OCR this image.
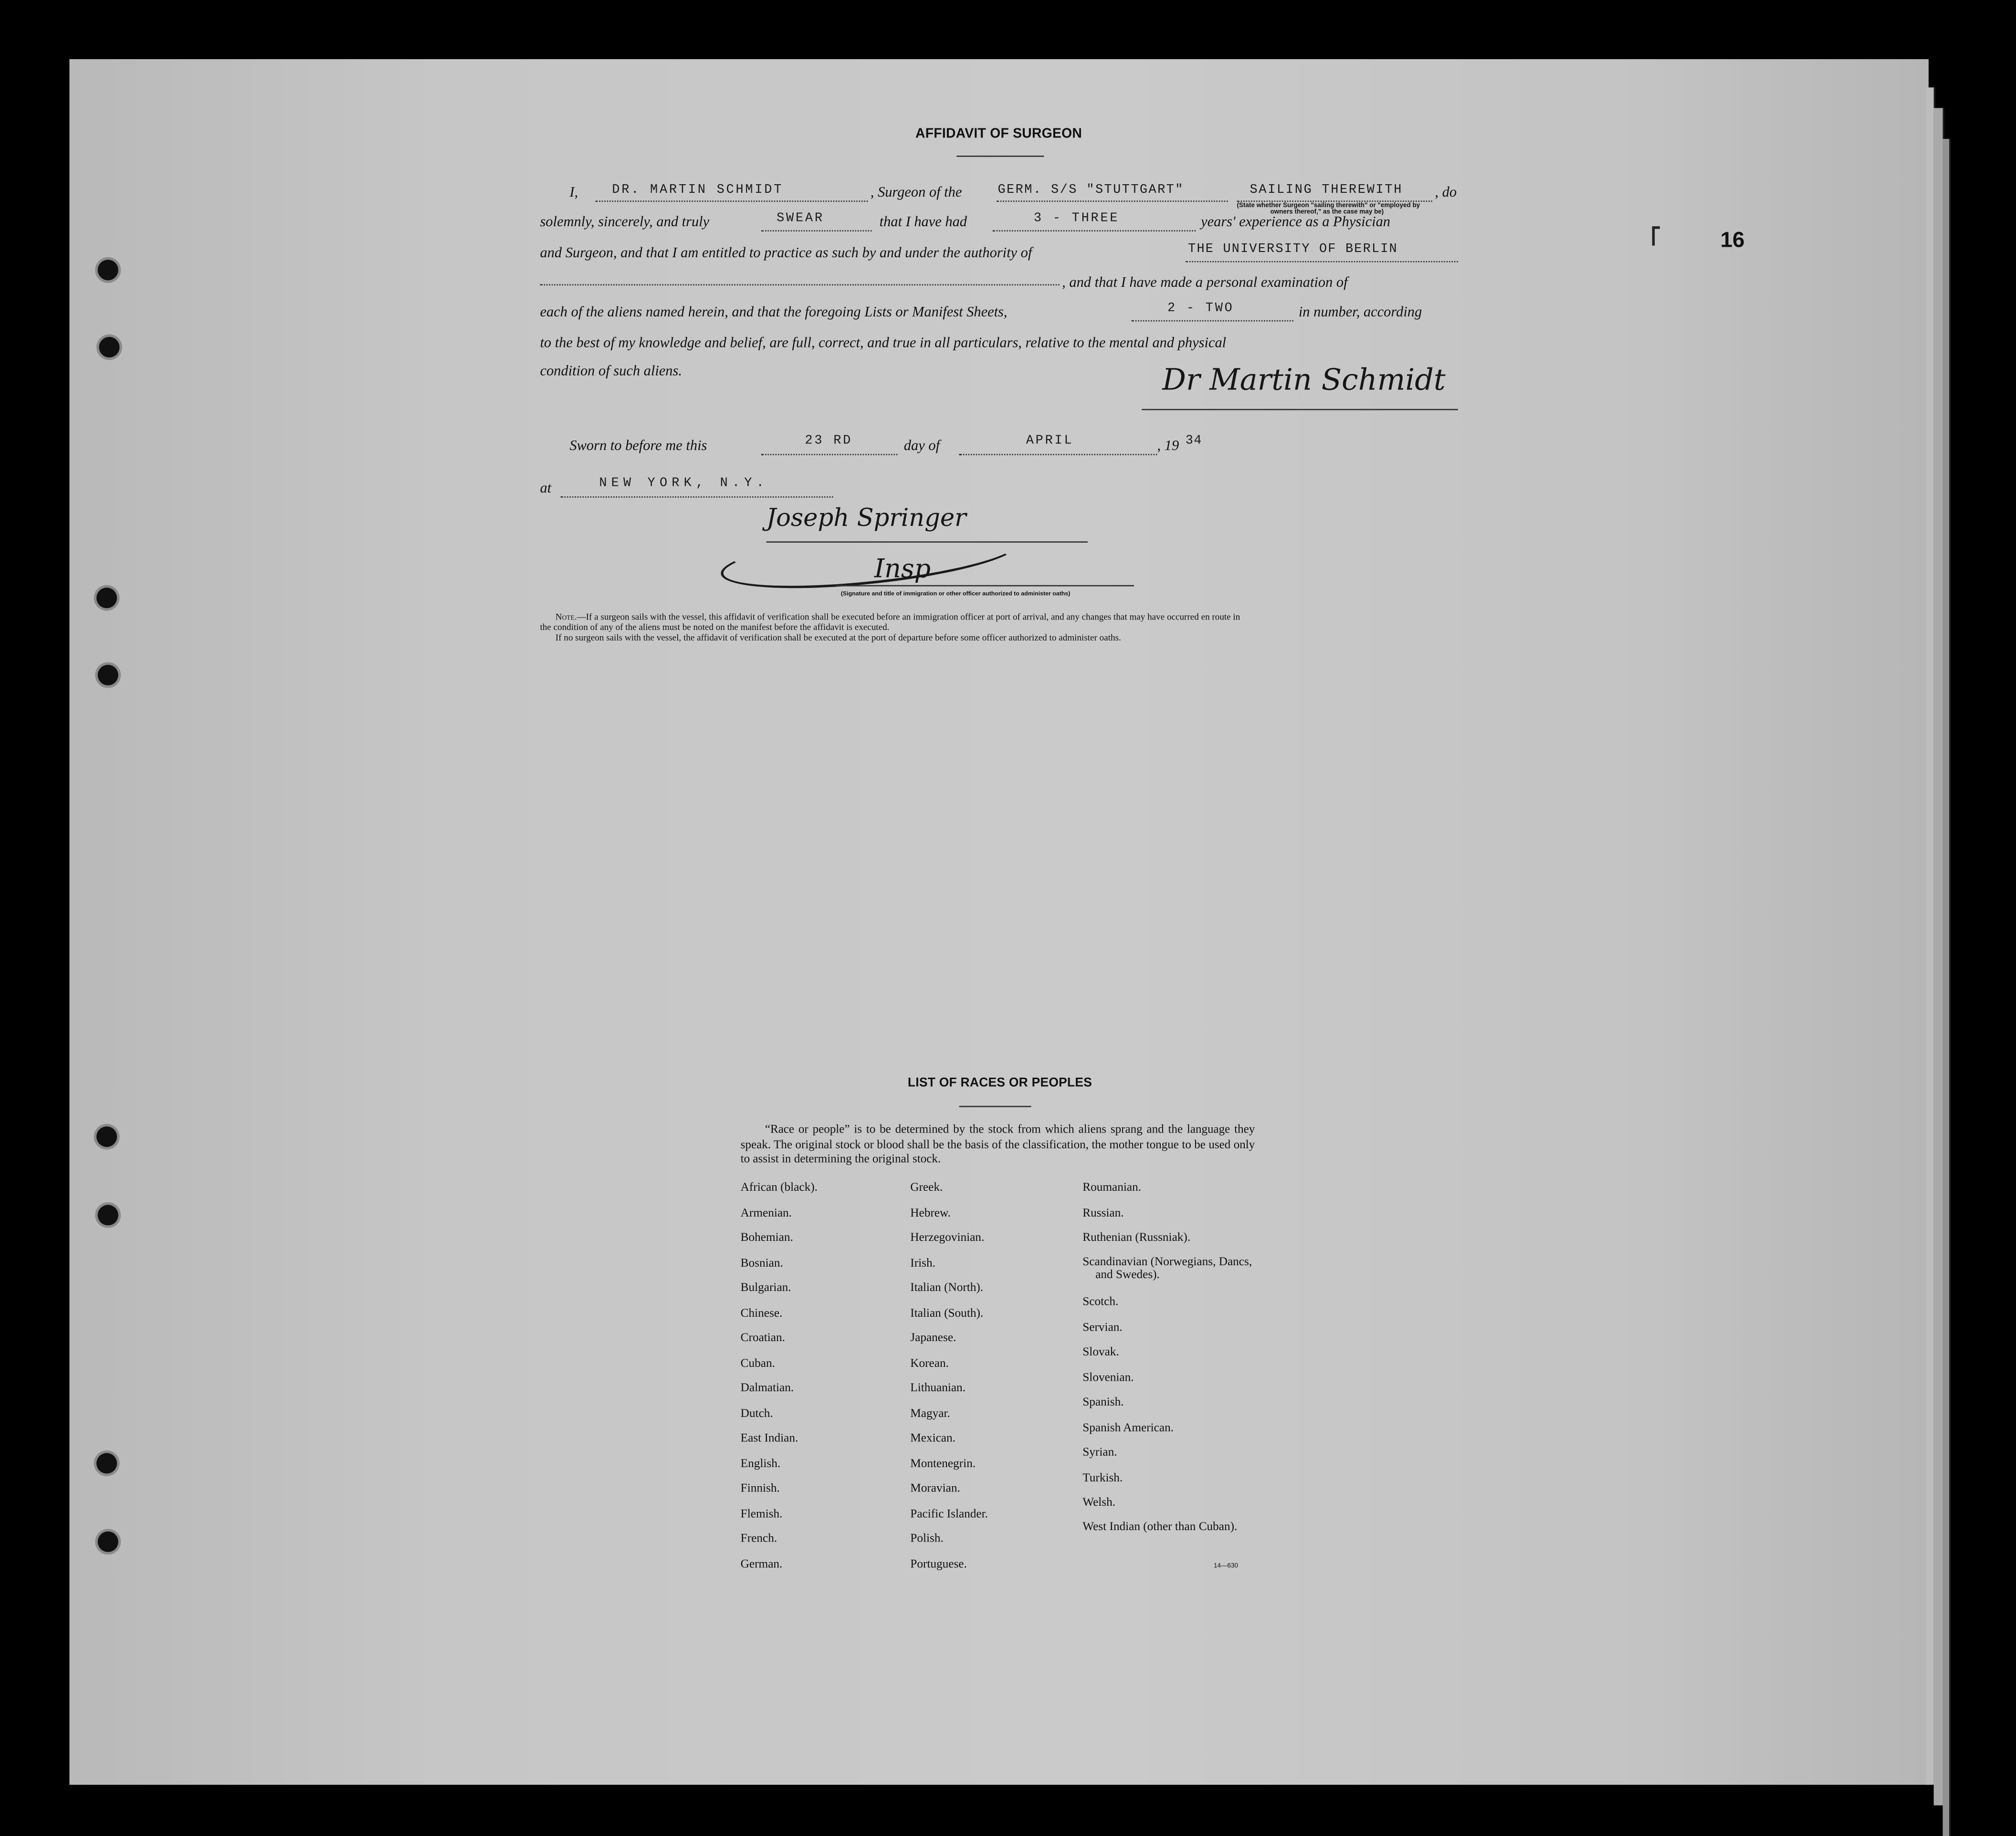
16
AFFIDAVIT OF SURGEON
I,	DR. MARTIN SCHMIDT	, Surgeon of the	GERM. S/S "STUTTGART"	SAILING THEREWITH	, do
(State whether Surgeon "sailing therewith" or "employed by
owners thereof," as the case may be)
solemnly, sincerely, and truly	SWEAR	that I have had	3 - THREE	years' experience as a Physician
and Surgeon, and that I am entitled to practice as such by and under the authority of	THE UNIVERSITY OF BERLIN
, and that I have made a personal examination of
each of the aliens named herein, and that the foregoing Lists or Manifest Sheets,	2 - TWO	in number, according
to the best of my knowledge and belief, are full, correct, and true in all particulars, relative to the mental and physical
condition of such aliens.	Dr Martin Schmidt
Sworn to before me this	23 RD	day of	APRIL	, 19 34
at	NEW YORK, N.Y.
Joseph Springer
Insp
(Signature and title of immigration or other officer authorized to administer oaths)
Note.—If a surgeon sails with the vessel, this affidavit of verification shall be executed before an immigration officer at port of arrival, and any changes that may have occurred en route in
the condition of any of the aliens must be noted on the manifest before the affidavit is executed.
If no surgeon sails with the vessel, the affidavit of verification shall be executed at the port of departure before some officer authorized to administer oaths.
LIST OF RACES OR PEOPLES
“Race or people” is to be determined by the stock from which aliens sprang and the language they speak. The original stock or blood shall be the basis of the classification, the mother tongue to be used only to assist in determining the original stock.
African (black).
Armenian.
Bohemian.
Bosnian.
Bulgarian.
Chinese.
Croatian.
Cuban.
Dalmatian.
Dutch.
East Indian.
English.
Finnish.
Flemish.
French.
German.
Greek.
Hebrew.
Herzegovinian.
Irish.
Italian (North).
Italian (South).
Japanese.
Korean.
Lithuanian.
Magyar.
Mexican.
Montenegrin.
Moravian.
Pacific Islander.
Polish.
Portuguese.
Roumanian.
Russian.
Ruthenian (Russniak).
Scandinavian (Norwegians, Dancs, and Swedes).
Scotch.
Servian.
Slovak.
Slovenian.
Spanish.
Spanish American.
Syrian.
Turkish.
Welsh.
West Indian (other than Cuban).
14—630
